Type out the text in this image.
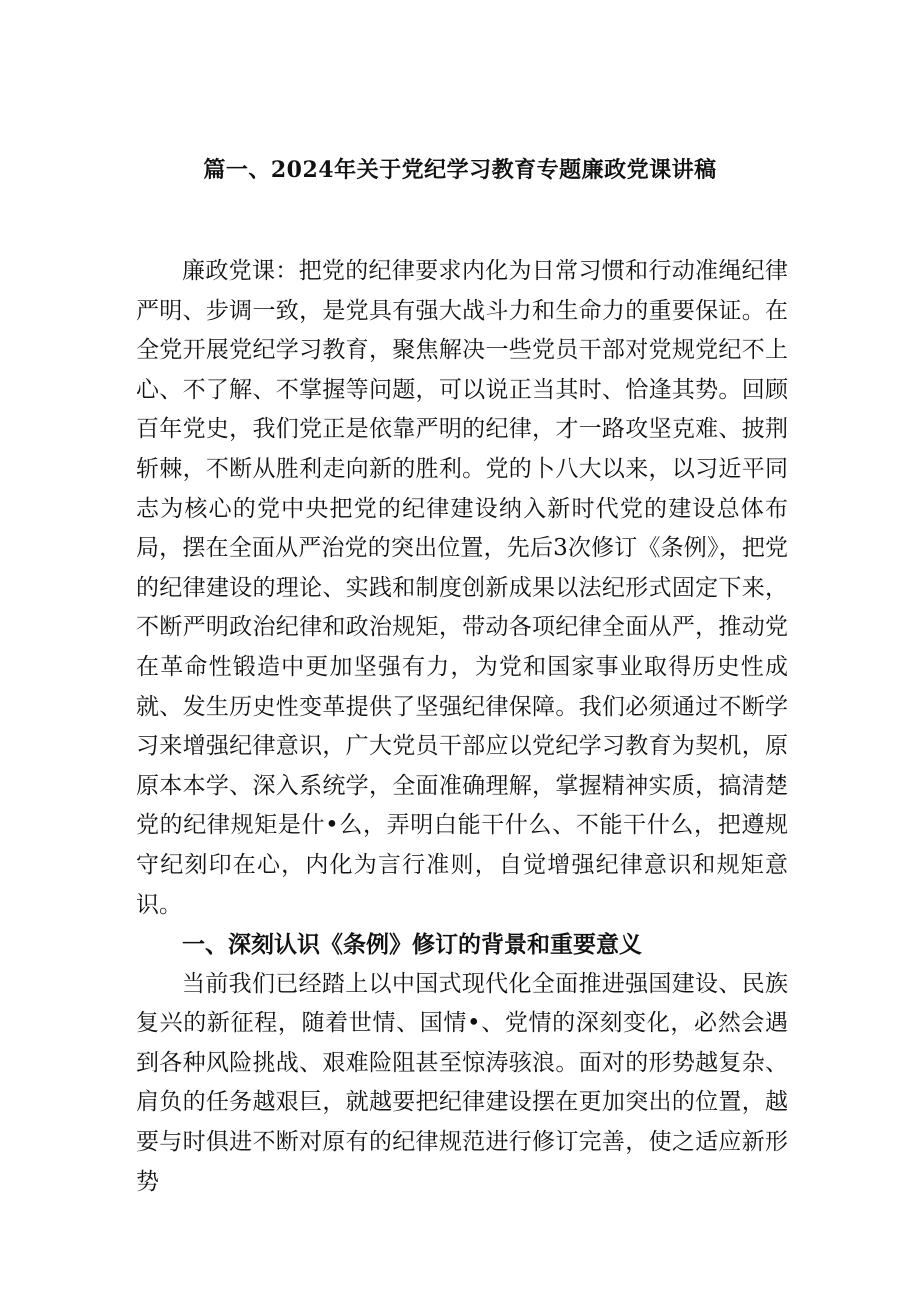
篇一、2024年关于党纪学习教育专题廉政党课讲稿

廉政党课：把党的纪律要求内化为日常习惯和行动准绳纪律严明、步调一致，是党具有强大战斗力和生命力的重要保证。在全党开展党纪学习教育，聚焦解决一些党员干部对党规党纪不上心、不了解、不掌握等问题，可以说正当其时、恰逢其势。回顾百年党史，我们党正是依靠严明的纪律，才一路攻坚克难、披荆斩棘，不断从胜利走向新的胜利。党的卜八大以来，以习近平同志为核心的党中央把党的纪律建设纳入新时代党的建设总体布局，摆在全面从严治党的突出位置，先后3次修订《条例》，把党的纪律建设的理论、实践和制度创新成果以法纪形式固定下来，不断严明政治纪律和政治规矩，带动各项纪律全面从严，推动党在革命性锻造中更加坚强有力，为党和国家事业取得历史性成就、发生历史性变革提供了坚强纪律保障。我们必须通过不断学习来增强纪律意识，广大党员干部应以党纪学习教育为契机，原原本本学、深入系统学，全面准确理解，掌握精神实质，搞清楚党的纪律规矩是什•么，弄明白能干什么、不能干什么，把遵规守纪刻印在心，内化为言行准则，自觉增强纪律意识和规矩意识。

一、深刻认识《条例》修订的背景和重要意义

当前我们已经踏上以中国式现代化全面推进强国建设、民族复兴的新征程，随着世情、国情•、党情的深刻变化，必然会遇到各种风险挑战、艰难险阻甚至惊涛骇浪。面对的形势越复杂、肩负的任务越艰巨，就越要把纪律建设摆在更加突出的位置，越要与时俱进不断对原有的纪律规范进行修订完善，使之适应新形势
